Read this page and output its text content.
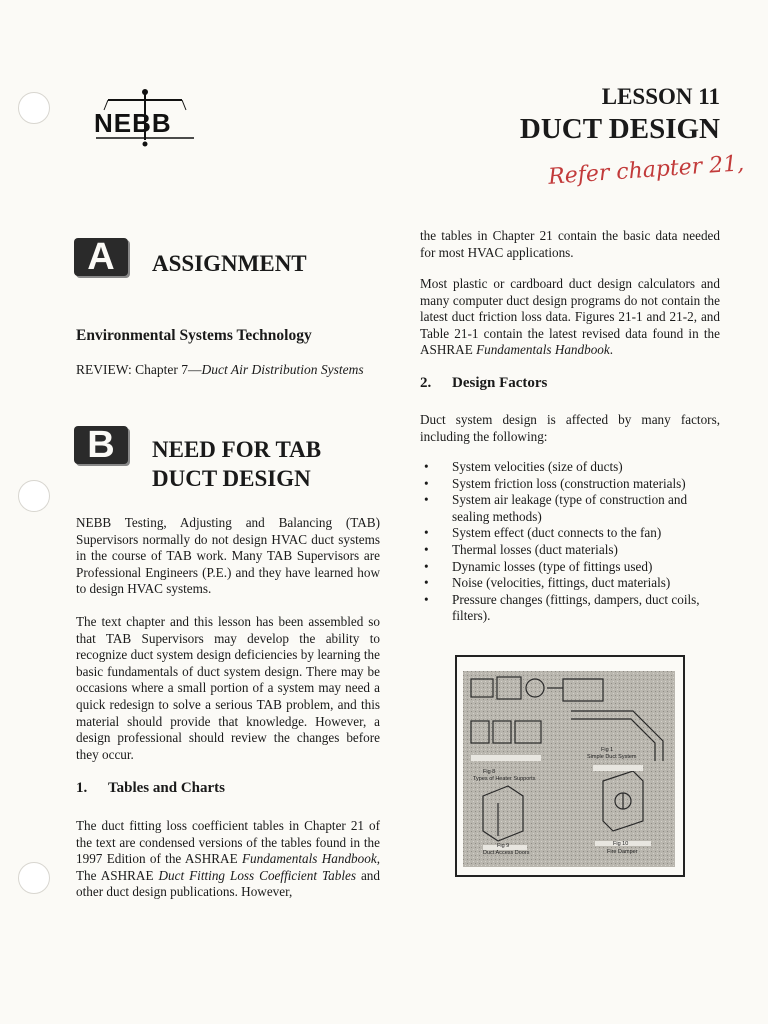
NEBB
LESSON 11
DUCT DESIGN
Refer chapter 21,
A	ASSIGNMENT
Environmental Systems Technology
REVIEW: Chapter 7—Duct Air Distribution Systems
B	NEED FOR TAB
DUCT DESIGN

NEBB Testing, Adjusting and Balancing (TAB) Supervisors normally do not design HVAC duct systems in the course of TAB work. Many TAB Supervisors are Professional Engineers (P.E.) and they have learned how to design HVAC systems.

The text chapter and this lesson has been assembled so that TAB Supervisors may develop the ability to recognize duct system design deficiencies by learning the basic fundamentals of duct system design. There may be occasions where a small portion of a system may need a quick redesign to solve a serious TAB problem, and this material should provide that knowledge. However, a design professional should review the changes before they occur.

1. Tables and Charts

The duct fitting loss coefficient tables in Chapter 21 of the text are condensed versions of the tables found in the 1997 Edition of the ASHRAE Fundamentals Handbook, The ASHRAE Duct Fitting Loss Coefficient Tables and other duct design publications. However,

the tables in Chapter 21 contain the basic data needed for most HVAC applications.

Most plastic or cardboard duct design calculators and many computer duct design programs do not contain the latest duct friction loss data. Figures 21-1 and 21-2, and Table 21-1 contain the latest revised data found in the ASHRAE Fundamentals Handbook.

2. Design Factors

Duct system design is affected by many factors, including the following:

• System velocities (size of ducts)
• System friction loss (construction materials)
• System air leakage (type of construction and sealing methods)
• System effect (duct connects to the fan)
• Thermal losses (duct materials)
• Dynamic losses (type of fittings used)
• Noise (velocities, fittings, duct materials)
• Pressure changes (fittings, dampers, duct coils, filters).
Fig 8
Types of Heater Supports
Fig 1
Simple Duct System
Fig 9
Duct Access Doors
Fig 10
Fire Damper
